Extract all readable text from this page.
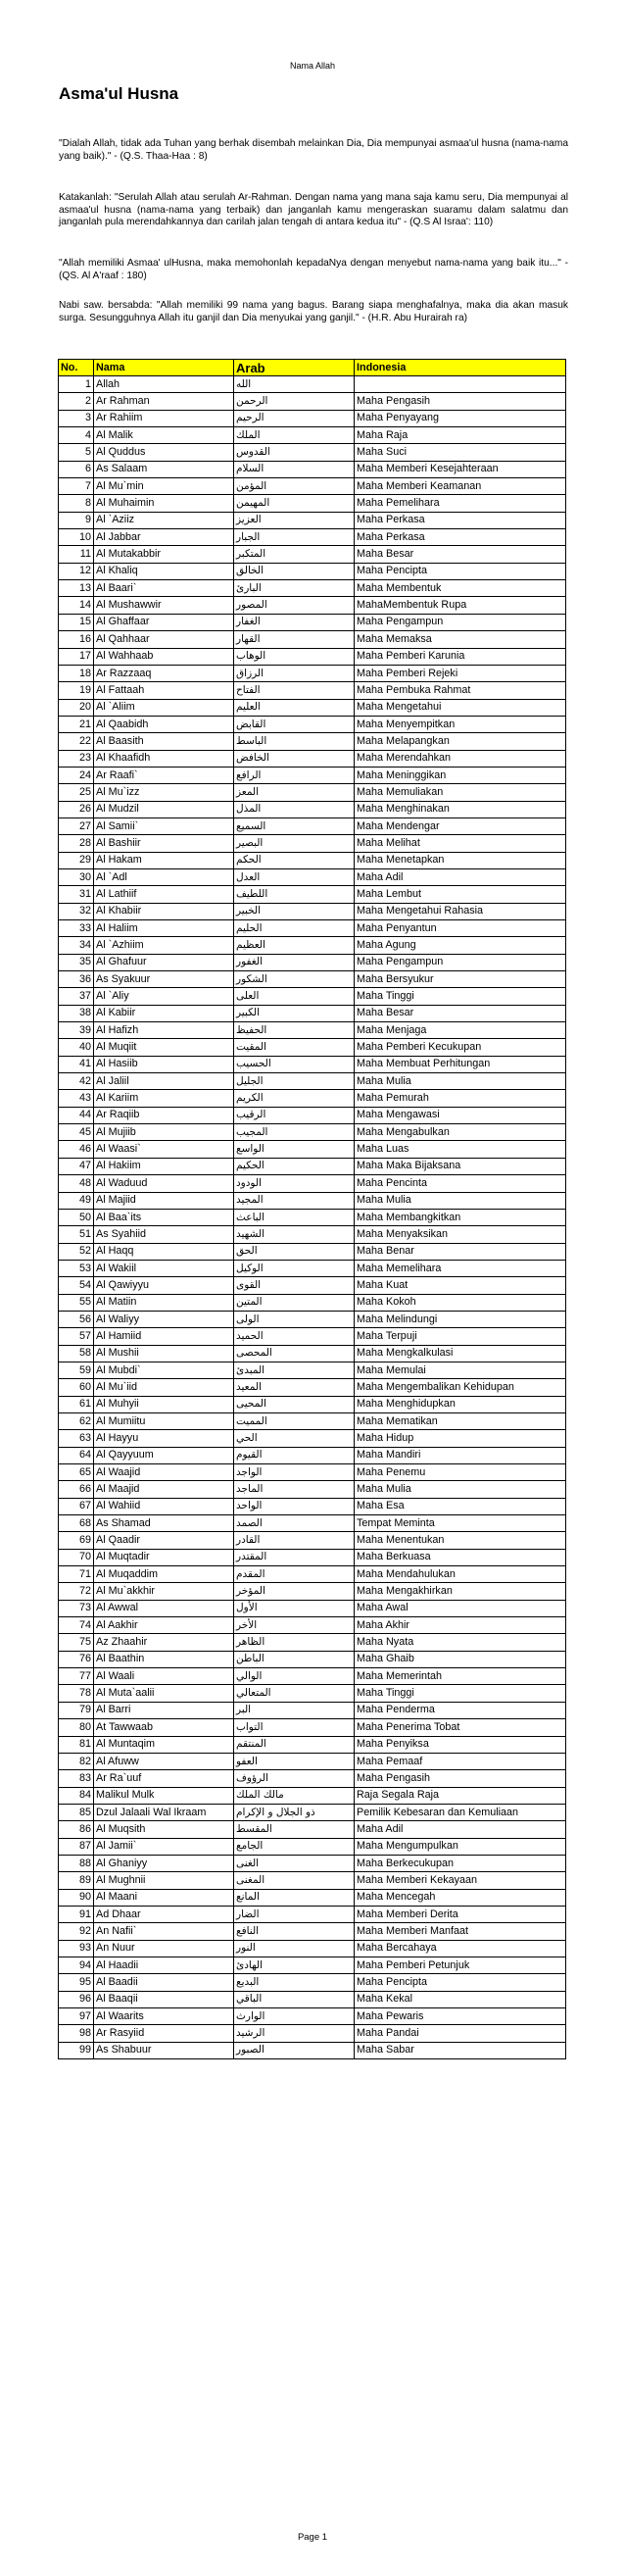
Nama Allah
Asma'ul Husna
"Dialah Allah, tidak ada Tuhan yang berhak disembah melainkan Dia, Dia mempunyai asmaa'ul husna (nama-nama yang baik)." - (Q.S. Thaa-Haa : 8)
Katakanlah: "Serulah Allah atau serulah Ar-Rahman. Dengan nama yang mana saja kamu seru, Dia mempunyai al asmaa'ul husna (nama-nama yang terbaik) dan janganlah kamu mengeraskan suaramu dalam salatmu dan janganlah pula merendahkannya dan carilah jalan tengah di antara kedua itu" - (Q.S Al Israa': 110)
"Allah memiliki Asmaa' ulHusna, maka memohonlah kepadaNya dengan menyebut nama-nama yang baik itu..." - (QS. Al A'raaf : 180)
Nabi saw. bersabda: "Allah memiliki 99 nama yang bagus. Barang siapa menghafalnya, maka dia akan masuk surga. Sesungguhnya Allah itu ganjil dan Dia menyukai yang ganjil." - (H.R. Abu Hurairah ra)
No.	Nama	Arab	Indonesia
1	Allah	الله	
2	Ar Rahman	الرحمن	Maha Pengasih
3	Ar Rahiim	الرحيم	Maha Penyayang
4	Al Malik	الملك	Maha Raja
5	Al Quddus	القدوس	Maha Suci
6	As Salaam	السلام	Maha Memberi Kesejahteraan
7	Al Mu`min	المؤمن	Maha Memberi Keamanan
8	Al Muhaimin	المهيمن	Maha Pemelihara
9	Al `Aziiz	العزيز	Maha Perkasa
10	Al Jabbar	الجبار	Maha Perkasa
11	Al Mutakabbir	المتكبر	Maha Besar
12	Al Khaliq	الخالق	Maha Pencipta
13	Al Baari`	البارئ	Maha Membentuk
14	Al Mushawwir	المصور	MahaMembentuk Rupa
15	Al Ghaffaar	الغفار	Maha Pengampun
16	Al Qahhaar	القهار	Maha Memaksa
17	Al Wahhaab	الوهاب	Maha Pemberi Karunia
18	Ar Razzaaq	الرزاق	Maha Pemberi Rejeki
19	Al Fattaah	الفتاح	Maha Pembuka Rahmat
20	Al `Aliim	العليم	Maha Mengetahui
21	Al Qaabidh	القابض	Maha Menyempitkan
22	Al Baasith	الباسط	Maha Melapangkan
23	Al Khaafidh	الخافض	Maha Merendahkan
24	Ar Raafi`	الرافع	Maha Meninggikan
25	Al Mu`izz	المعز	Maha Memuliakan
26	Al Mudzil	المذل	Maha Menghinakan
27	Al Samii`	السميع	Maha Mendengar
28	Al Bashiir	البصير	Maha Melihat
29	Al Hakam	الحكم	Maha Menetapkan
30	Al `Adl	العدل	Maha Adil
31	Al Lathiif	اللطيف	Maha Lembut
32	Al Khabiir	الخبير	Maha Mengetahui Rahasia
33	Al Haliim	الحليم	Maha Penyantun
34	Al `Azhiim	العظيم	Maha Agung
35	Al Ghafuur	الغفور	Maha Pengampun
36	As Syakuur	الشكور	Maha Bersyukur
37	Al `Aliy	العلى	Maha Tinggi
38	Al Kabiir	الكبير	Maha Besar
39	Al Hafizh	الحفيظ	Maha Menjaga
40	Al Muqiit	المقيت	Maha Pemberi Kecukupan
41	Al Hasiib	الحسيب	Maha Membuat Perhitungan
42	Al Jaliil	الجليل	Maha Mulia
43	Al Kariim	الكريم	Maha Pemurah
44	Ar Raqiib	الرقيب	Maha Mengawasi
45	Al Mujiib	المجيب	Maha Mengabulkan
46	Al Waasi`	الواسع	Maha Luas
47	Al Hakiim	الحكيم	Maha Maka Bijaksana
48	Al Waduud	الودود	Maha Pencinta
49	Al Majiid	المجيد	Maha Mulia
50	Al Baa`its	الباعث	Maha Membangkitkan
51	As Syahiid	الشهيد	Maha Menyaksikan
52	Al Haqq	الحق	Maha Benar
53	Al Wakiil	الوكيل	Maha Memelihara
54	Al Qawiyyu	القوى	Maha Kuat
55	Al Matiin	المتين	Maha Kokoh
56	Al Waliyy	الولى	Maha Melindungi
57	Al Hamiid	الحميد	Maha Terpuji
58	Al Mushii	المحصى	Maha Mengkalkulasi
59	Al Mubdi`	المبدئ	Maha Memulai
60	Al Mu`iid	المعيد	Maha Mengembalikan Kehidupan
61	Al Muhyii	المحيى	Maha Menghidupkan
62	Al Mumiitu	المميت	Maha Mematikan
63	Al Hayyu	الحي	Maha Hidup
64	Al Qayyuum	القيوم	Maha Mandiri
65	Al Waajid	الواجد	Maha Penemu
66	Al Maajid	الماجد	Maha Mulia
67	Al Wahiid	الواحد	Maha Esa
68	As Shamad	الصمد	Tempat Meminta
69	Al Qaadir	القادر	Maha Menentukan
70	Al Muqtadir	المقتدر	Maha Berkuasa
71	Al Muqaddim	المقدم	Maha Mendahulukan
72	Al Mu`akkhir	المؤخر	Maha Mengakhirkan
73	Al Awwal	الأول	Maha Awal
74	Al Aakhir	الأخر	Maha Akhir
75	Az Zhaahir	الظاهر	Maha Nyata
76	Al Baathin	الباطن	Maha Ghaib
77	Al Waali	الوالي	Maha Memerintah
78	Al Muta`aalii	المتعالي	Maha Tinggi
79	Al Barri	البر	Maha Penderma
80	At Tawwaab	التواب	Maha Penerima Tobat
81	Al Muntaqim	المنتقم	Maha Penyiksa
82	Al Afuww	العفو	Maha Pemaaf
83	Ar Ra`uuf	الرؤوف	Maha Pengasih
84	Malikul Mulk	مالك الملك	Raja Segala Raja
85	Dzul Jalaali Wal Ikraam	ذو الجلال و الإكرام	Pemilik Kebesaran dan Kemuliaan
86	Al Muqsith	المقسط	Maha Adil
87	Al Jamii`	الجامع	Maha Mengumpulkan
88	Al Ghaniyy	الغنى	Maha Berkecukupan
89	Al Mughnii	المغنى	Maha Memberi Kekayaan
90	Al Maani	المانع	Maha Mencegah
91	Ad Dhaar	الضار	Maha Memberi Derita
92	An Nafii`	النافع	Maha Memberi Manfaat
93	An Nuur	النور	Maha Bercahaya
94	Al Haadii	الهادئ	Maha Pemberi Petunjuk
95	Al Baadii	البديع	Maha Pencipta
96	Al Baaqii	الباقي	Maha Kekal
97	Al Waarits	الوارث	Maha Pewaris
98	Ar Rasyiid	الرشيد	Maha Pandai
99	As Shabuur	الصبور	Maha Sabar
Page 1
